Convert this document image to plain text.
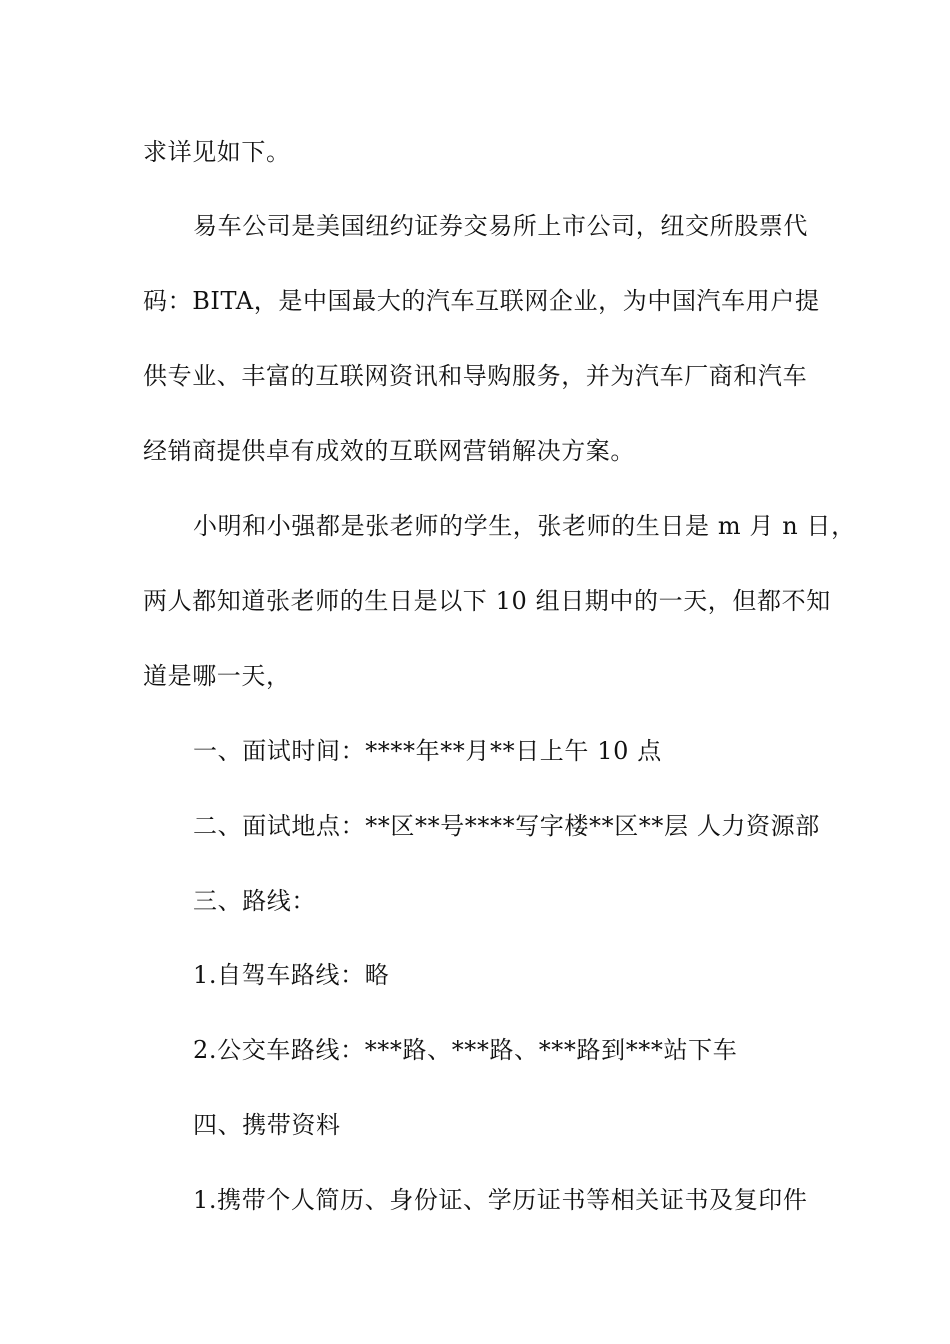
求详见如下。
易车公司是美国纽约证券交易所上市公司，纽交所股票代
码：BITA，是中国最大的汽车互联网企业，为中国汽车用户提
供专业、丰富的互联网资讯和导购服务，并为汽车厂商和汽车
经销商提供卓有成效的互联网营销解决方案。
小明和小强都是张老师的学生，张老师的生日是 m 月 n 日，
两人都知道张老师的生日是以下 10 组日期中的一天，但都不知
道是哪一天，
一、面试时间：****年**月**日上午 10 点
二、面试地点：**区**号****写字楼**区**层 人力资源部
三、路线：
1.自驾车路线：略
2.公交车路线：***路、***路、***路到***站下车
四、携带资料
1.携带个人简历、身份证、学历证书等相关证书及复印件
